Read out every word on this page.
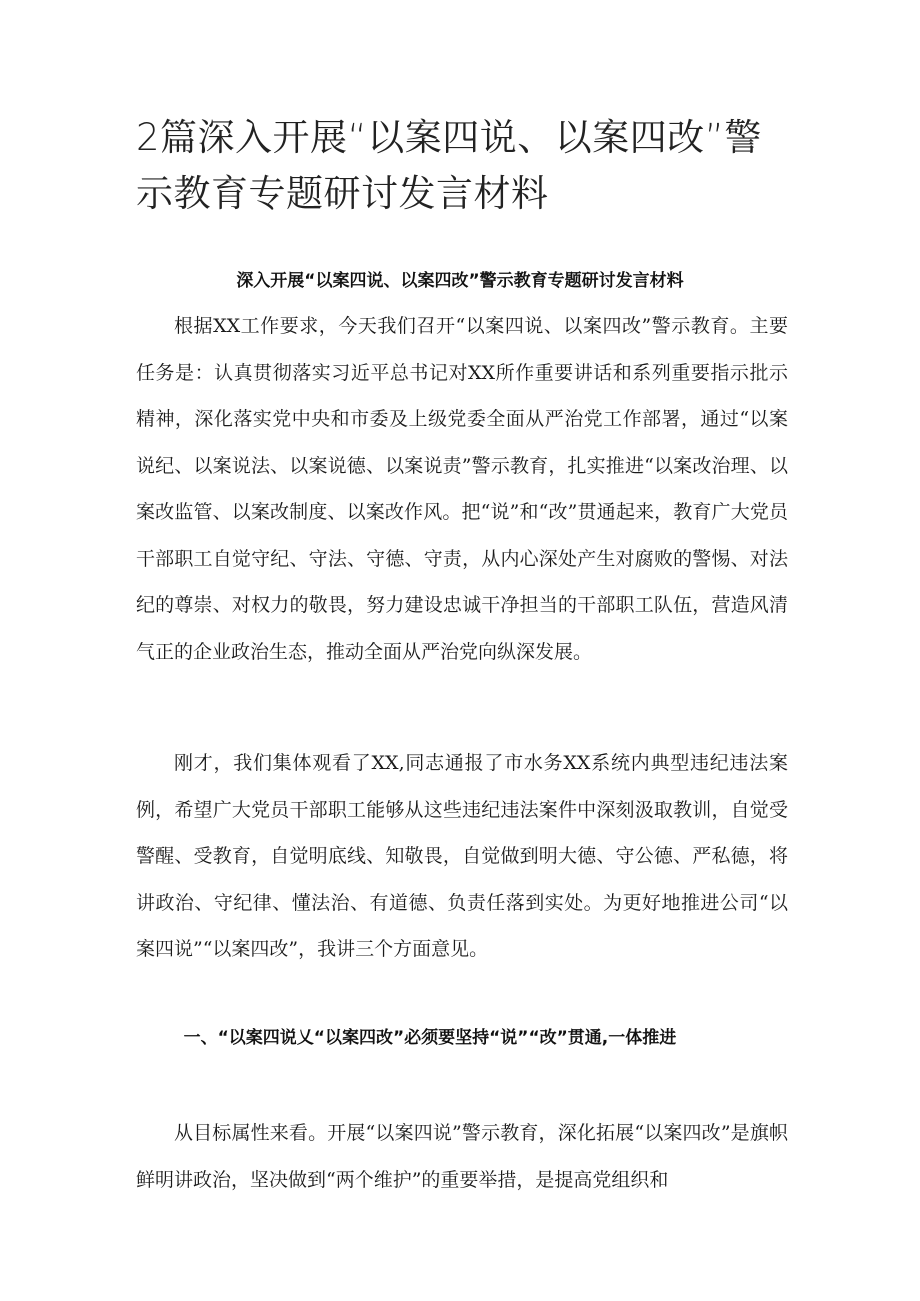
2篇深入开展“以案四说、以案四改”警示教育专题研讨发言材料
深入开展“以案四说、以案四改”警示教育专题研讨发言材料

根据XX工作要求，今天我们召开“以案四说、以案四改”警示教育。主要任务是：认真贯彻落实习近平总书记对XX所作重要讲话和系列重要指示批示精神，深化落实党中央和市委及上级党委全面从严治党工作部署，通过“以案说纪、以案说法、以案说德、以案说责”警示教育，扎实推进“以案改治理、以案改监管、以案改制度、以案改作风。把“说”和“改”贯通起来，教育广大党员干部职工自觉守纪、守法、守德、守责，从内心深处产生对腐败的警惕、对法纪的尊崇、对权力的敬畏，努力建设忠诚干净担当的干部职工队伍，营造风清气正的企业政治生态，推动全面从严治党向纵深发展。

刚才，我们集体观看了XX,同志通报了市水务XX系统内典型违纪违法案例，希望广大党员干部职工能够从这些违纪违法案件中深刻汲取教训，自觉受警醒、受教育，自觉明底线、知敬畏，自觉做到明大德、守公德、严私德，将讲政治、守纪律、懂法治、有道德、负责任落到实处。为更好地推进公司“以案四说”“以案四改”，我讲三个方面意见。

一、“以案四说乂“以案四改”必须要坚持“说”“改”贯通,一体推进

从目标属性来看。开展“以案四说”警示教育，深化拓展“以案四改”是旗帜鲜明讲政治，坚决做到“两个维护”的重要举措，是提高党组织和
